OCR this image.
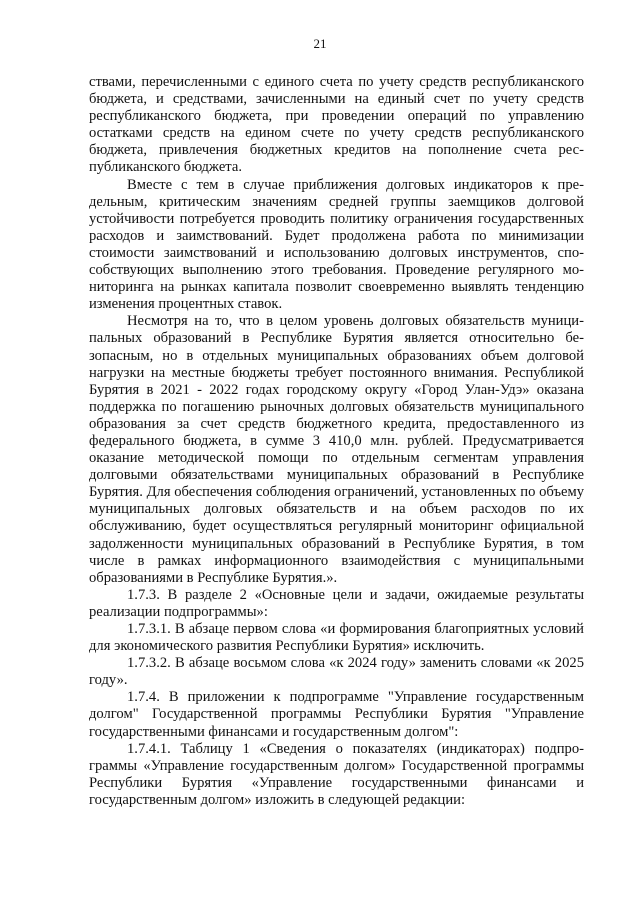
21

ствами, перечисленными с единого счета по учету средств республиканского бюджета, и средствами, зачисленными на единый счет по учету средств республиканского бюджета, при проведении операций по управлению остатками средств на едином счете по учету средств республиканского бюджета, привлечения бюджетных кредитов на пополнение счета республиканского бюджета.

Вместе с тем в случае приближения долговых индикаторов к предельным, критическим значениям средней группы заемщиков долговой устойчивости потребуется проводить политику ограничения государственных расходов и заимствований. Будет продолжена работа по минимизации стоимости заимствований и использованию долговых инструментов, способствующих выполнению этого требования. Проведение регулярного мониторинга на рынках капитала позволит своевременно выявлять тенденцию изменения процентных ставок.

Несмотря на то, что в целом уровень долговых обязательств муниципальных образований в Республике Бурятия является относительно безопасным, но в отдельных муниципальных образованиях объем долговой нагрузки на местные бюджеты требует постоянного внимания. Республикой Бурятия в 2021 - 2022 годах городскому округу «Город Улан-Удэ» оказана поддержка по погашению рыночных долговых обязательств муниципального образования за счет средств бюджетного кредита, предоставленного из федерального бюджета, в сумме 3 410,0 млн. рублей. Предусматривается оказание методической помощи по отдельным сегментам управления долговыми обязательствами муниципальных образований в Республике Бурятия. Для обеспечения соблюдения ограничений, установленных по объему муниципальных долговых обязательств и на объем расходов по их обслуживанию, будет осуществляться регулярный мониторинг официальной задолженности муниципальных образований в Республике Бурятия, в том числе в рамках информационного взаимодействия с муниципальными образованиями в Республике Бурятия.».

1.7.3. В разделе 2 «Основные цели и задачи, ожидаемые результаты реализации подпрограммы»:

1.7.3.1. В абзаце первом слова «и формирования благоприятных условий для экономического развития Республики Бурятия» исключить.

1.7.3.2. В абзаце восьмом слова «к 2024 году» заменить словами «к 2025 году».

1.7.4. В приложении к подпрограмме "Управление государственным долгом" Государственной программы Республики Бурятия "Управление государственными финансами и государственным долгом":

1.7.4.1. Таблицу 1 «Сведения о показателях (индикаторах) подпрограммы «Управление государственным долгом» Государственной программы Республики Бурятия «Управление государственными финансами и государственным долгом» изложить в следующей редакции:
